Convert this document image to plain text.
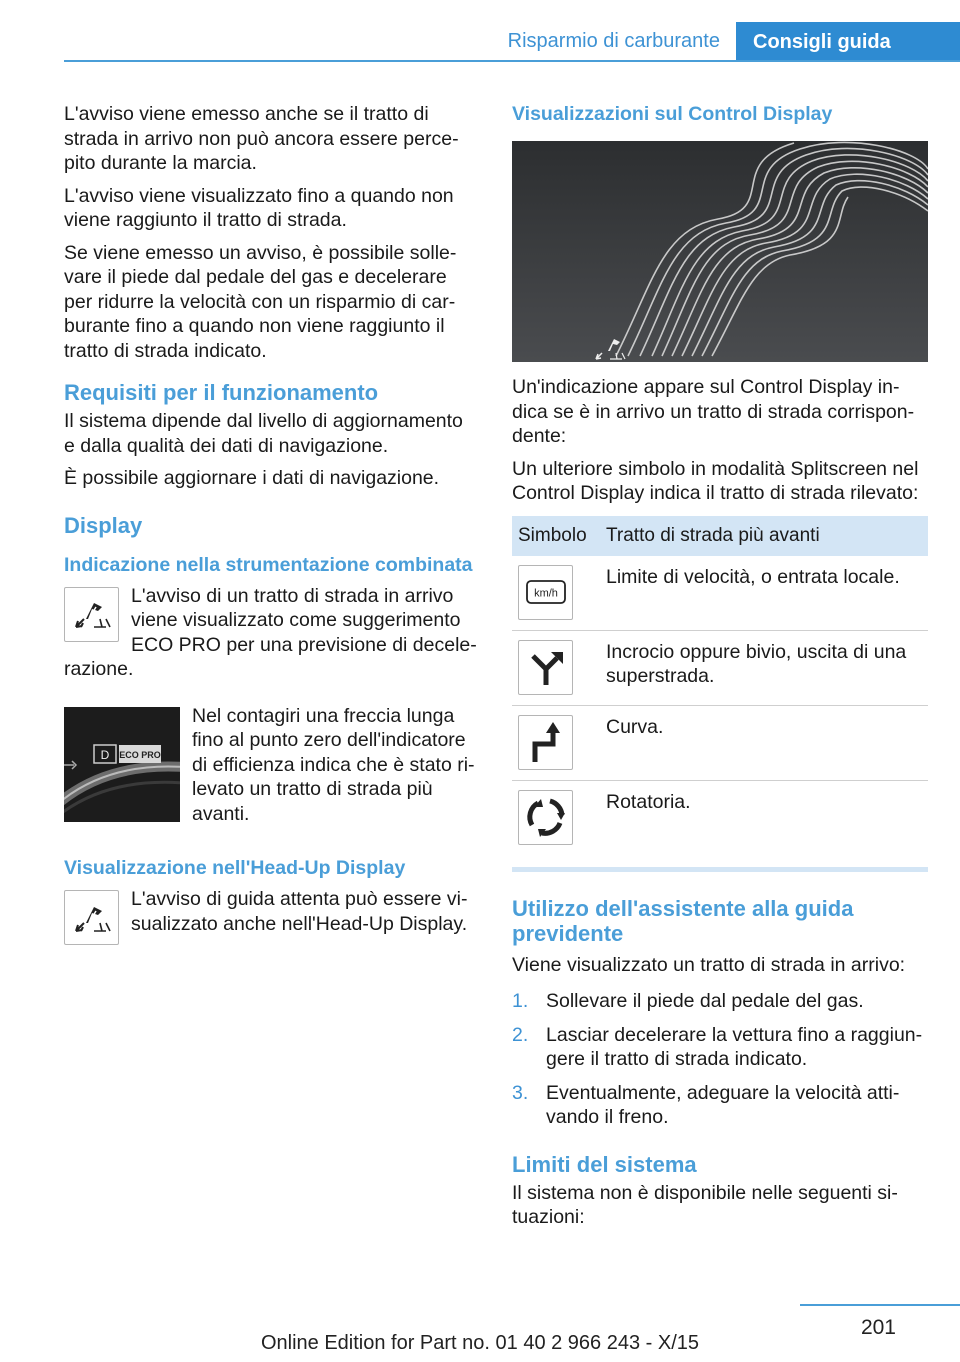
Risparmio di carburante	Consigli guida

L'avviso viene emesso anche se il tratto di strada in arrivo non può ancora essere percepito durante la marcia.

L'avviso viene visualizzato fino a quando non viene raggiunto il tratto di strada.

Se viene emesso un avviso, è possibile sollevare il piede dal pedale del gas e decelerare per ridurre la velocità con un risparmio di carburante fino a quando non viene raggiunto il tratto di strada indicato.

Requisiti per il funzionamento

Il sistema dipende dal livello di aggiornamento e dalla qualità dei dati di navigazione.

È possibile aggiornare i dati di navigazione.

Display
Indicazione nella strumentazione combinata

L'avviso di un tratto di strada in arrivo viene visualizzato come suggerimento ECO PRO per una previsione di decelerazione.

D ECO PRO

Nel contagiri una freccia lunga fino al punto zero dell'indicatore di efficienza indica che è stato rilevato un tratto di strada più avanti.

Visualizzazione nell'Head-Up Display

L'avviso di guida attenta può essere visualizzato anche nell'Head-Up Display.

Visualizzazioni sul Control Display

Un'indicazione appare sul Control Display indica se è in arrivo un tratto di strada corrispondente:

Un ulteriore simbolo in modalità Splitscreen nel Control Display indica il tratto di strada rilevato:

Simbolo	Tratto di strada più avanti

km/h	Limite di velocità, o entrata locale.

	Incrocio oppure bivio, uscita di una superstrada.

	Curva.

	Rotatoria.
Utilizzo dell'assistente alla guida previdente

Viene visualizzato un tratto di strada in arrivo:

1. Sollevare il piede dal pedale del gas.
2. Lasciar decelerare la vettura fino a raggiungere il tratto di strada indicato.
3. Eventualmente, adeguare la velocità attivando il freno.
Limiti del sistema

Il sistema non è disponibile nelle seguenti situazioni:

201
Online Edition for Part no. 01 40 2 966 243 - X/15
